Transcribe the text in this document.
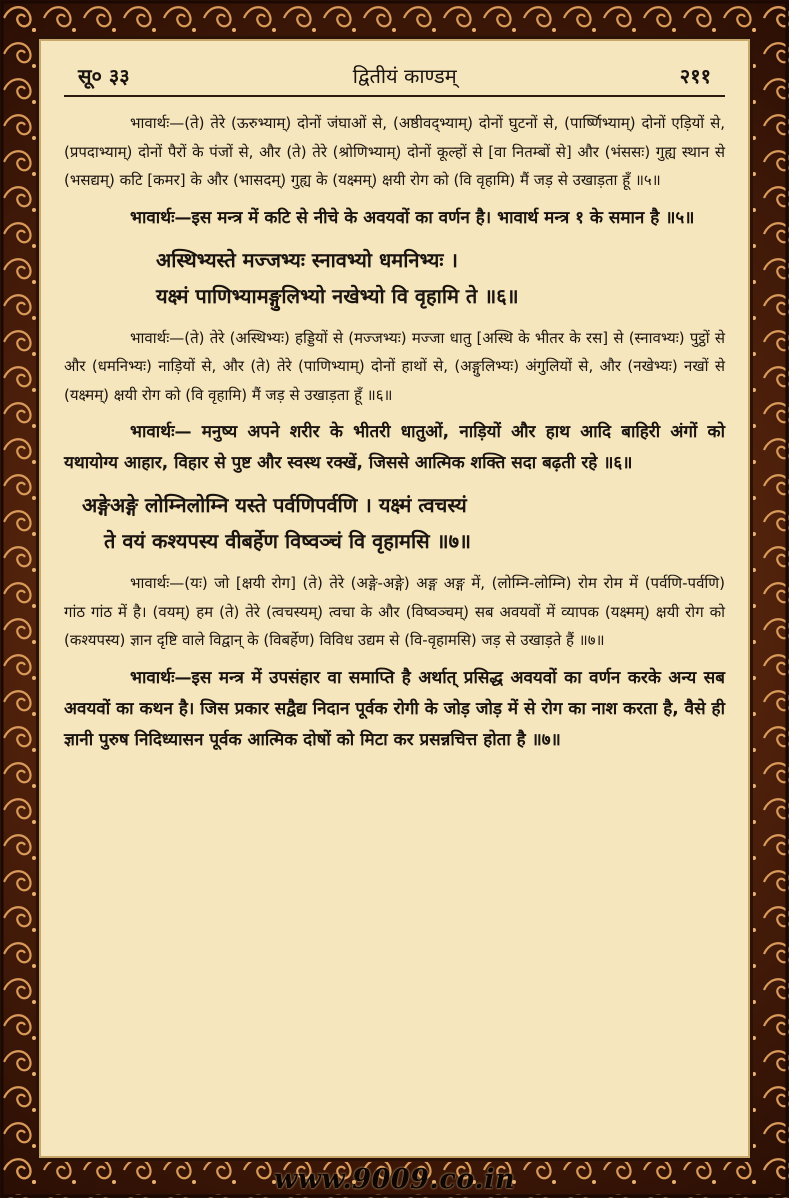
सू० ३३	द्वितीयं काण्डम्	२११

भावार्थः—(ते) तेरे (ऊरुभ्याम्) दोनों जंघाओं से, (अष्ठीवद्भ्याम्) दोनों घुटनों से, (पार्ष्णिभ्याम्) दोनों एड़ियों से, (प्रपदाभ्याम्) दोनों पैरों के पंजों से, और (ते) तेरे (श्रोणिभ्याम्) दोनों कूल्हों से [वा नितम्बों से] और (भंससः) गुह्य स्थान से (भसद्यम्) कटि [कमर] के और (भासदम्) गुह्य के (यक्ष्मम्) क्षयी रोग को (वि वृहामि) मैं जड़ से उखाड़ता हूँ ॥५॥

भावार्थः—इस मन्त्र में कटि से नीचे के अवयवों का वर्णन है। भावार्थ मन्त्र १ के समान है ॥५॥

अस्थिभ्यस्ते मज्जभ्यः स्नावभ्यो धमनिभ्यः ।
यक्ष्मं पाणिभ्यामङ्गुलिभ्यो नखेभ्यो वि वृहामि ते ॥६॥

भावार्थः—(ते) तेरे (अस्थिभ्यः) हड्डियों से (मज्जभ्यः) मज्जा धातु [अस्थि के भीतर के रस] से (स्नावभ्यः) पुट्ठों से और (धमनिभ्यः) नाड़ियों से, और (ते) तेरे (पाणिभ्याम्) दोनों हाथों से, (अङ्गुलिभ्यः) अंगुलियों से, और (नखेभ्यः) नखों से (यक्ष्मम्) क्षयी रोग को (वि वृहामि) मैं जड़ से उखाड़ता हूँ ॥६॥

भावार्थः— मनुष्य अपने शरीर के भीतरी धातुओं, नाड़ियों और हाथ आदि बाहिरी अंगों को यथायोग्य आहार, विहार से पुष्ट और स्वस्थ रक्खें, जिससे आत्मिक शक्ति सदा बढ़ती रहे ॥६॥

अङ्गेअङ्गे लोम्निलोम्नि यस्ते पर्वणिपर्वणि । यक्ष्मं त्वचस्यं
ते वयं कश्यपस्य वीबर्हेण विष्वञ्चं वि वृहामसि ॥७॥

भावार्थः—(यः) जो [क्षयी रोग] (ते) तेरे (अङ्गे-अङ्गे) अङ्ग अङ्ग में, (लोम्नि-लोम्नि) रोम रोम में (पर्वणि-पर्वणि) गांठ गांठ में है। (वयम्) हम (ते) तेरे (त्वचस्यम्) त्वचा के और (विष्वञ्चम्) सब अवयवों में व्यापक (यक्ष्मम्) क्षयी रोग को (कश्यपस्य) ज्ञान दृष्टि वाले विद्वान् के (विबर्हेण) विविध उद्यम से (वि-वृहामसि) जड़ से उखाड़ते हैं ॥७॥

भावार्थः—इस मन्त्र में उपसंहार वा समाप्ति है अर्थात् प्रसिद्ध अवयवों का वर्णन करके अन्य सब अवयवों का कथन है। जिस प्रकार सद्वैद्य निदान पूर्वक रोगी के जोड़ जोड़ में से रोग का नाश करता है, वैसे ही ज्ञानी पुरुष निदिध्यासन पूर्वक आत्मिक दोषों को मिटा कर प्रसन्नचित्त होता है ॥७॥

www.9009.co.in
